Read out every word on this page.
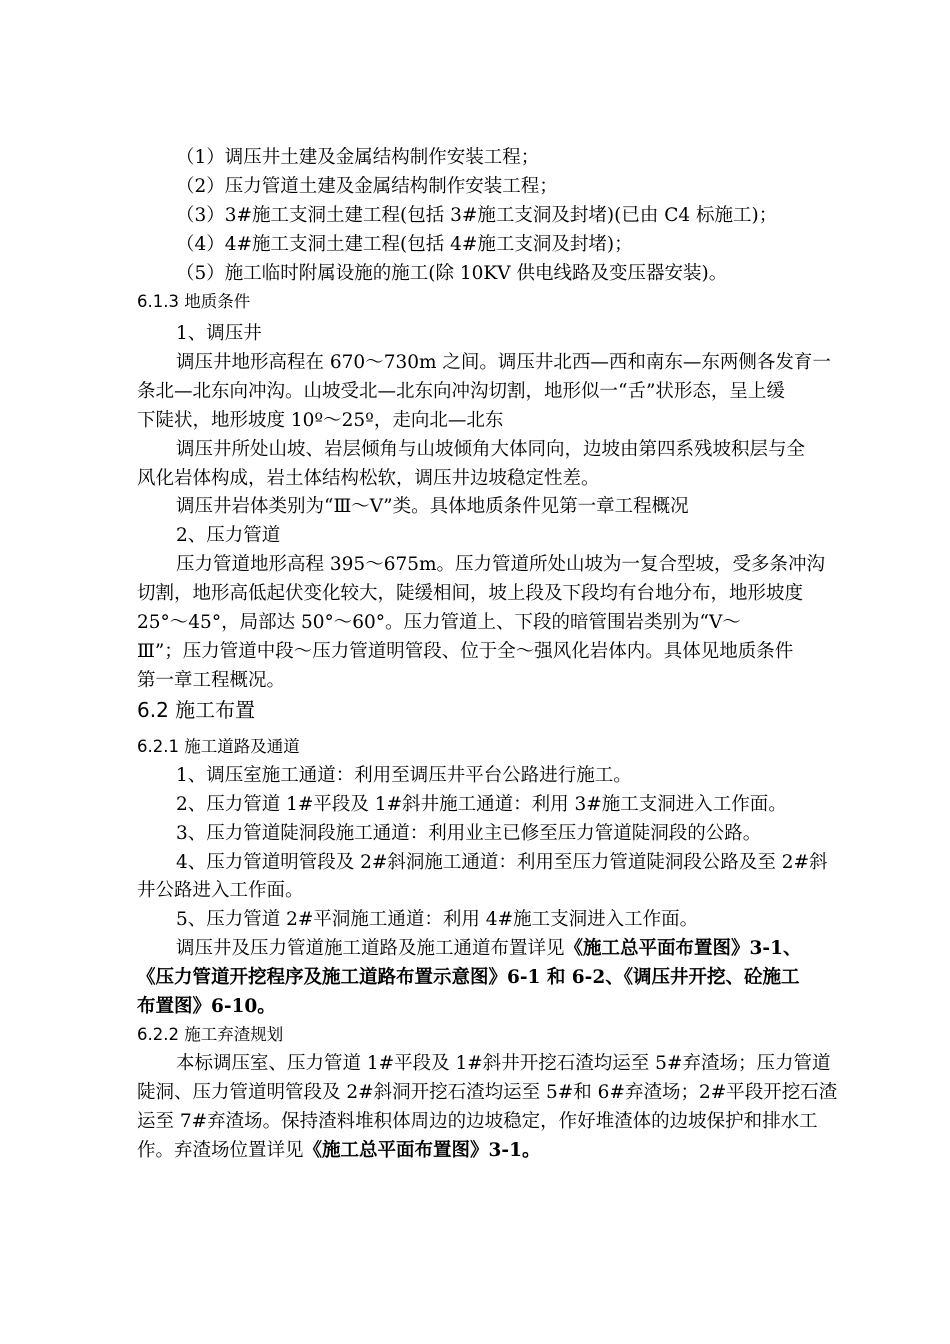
（1）调压井土建及金属结构制作安装工程；
（2）压力管道土建及金属结构制作安装工程；
（3）3#施工支洞土建工程(包括 3#施工支洞及封堵)(已由 C4 标施工)；
（4）4#施工支洞土建工程(包括 4#施工支洞及封堵)；
（5）施工临时附属设施的施工(除 10KV 供电线路及变压器安装)。
6.1.3 地质条件
1、调压井
调压井地形高程在 670～730m 之间。调压井北西—西和南东—东两侧各发育一
条北—北东向冲沟。山坡受北—北东向冲沟切割，地形似一“舌”状形态，呈上缓
下陡状，地形坡度 10º～25º，走向北—北东
调压井所处山坡、岩层倾角与山坡倾角大体同向，边坡由第四系残坡积层与全
风化岩体构成，岩土体结构松软，调压井边坡稳定性差。
调压井岩体类别为“Ⅲ～Ⅴ”类。具体地质条件见第一章工程概况
2、压力管道
压力管道地形高程 395～675m。压力管道所处山坡为一复合型坡，受多条冲沟
切割，地形高低起伏变化较大，陡缓相间，坡上段及下段均有台地分布，地形坡度
25°～45°，局部达 50°～60°。压力管道上、下段的暗管围岩类别为“Ⅴ～
Ⅲ”；压力管道中段～压力管道明管段、位于全～强风化岩体内。具体见地质条件
第一章工程概况。
6.2 施工布置
6.2.1 施工道路及通道
1、调压室施工通道：利用至调压井平台公路进行施工。
2、压力管道 1#平段及 1#斜井施工通道：利用 3#施工支洞进入工作面。
3、压力管道陡洞段施工通道：利用业主已修至压力管道陡洞段的公路。
4、压力管道明管段及 2#斜洞施工通道：利用至压力管道陡洞段公路及至 2#斜
井公路进入工作面。
5、压力管道 2#平洞施工通道：利用 4#施工支洞进入工作面。
调压井及压力管道施工道路及施工通道布置详见《施工总平面布置图》3-1、
《压力管道开挖程序及施工道路布置示意图》6-1 和 6-2、《调压井开挖、砼施工
布置图》6-10。
6.2.2 施工弃渣规划
本标调压室、压力管道 1#平段及 1#斜井开挖石渣均运至 5#弃渣场；压力管道
陡洞、压力管道明管段及 2#斜洞开挖石渣均运至 5#和 6#弃渣场；2#平段开挖石渣
运至 7#弃渣场。保持渣料堆积体周边的边坡稳定，作好堆渣体的边坡保护和排水工
作。弃渣场位置详见《施工总平面布置图》3-1。
